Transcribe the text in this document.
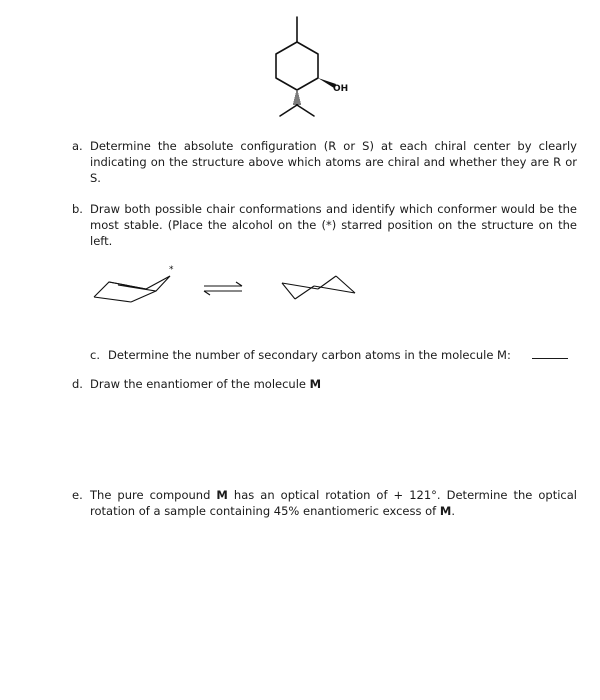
OH
a. Determine the absolute configuration (R or S) at each chiral center by clearly indicating on the structure above which atoms are chiral and whether they are R or S.
b. Draw both possible chair conformations and identify which conformer would be the most stable. (Place the alcohol on the (*) starred position on the structure on the left.
*
c. Determine the number of secondary carbon atoms in the molecule M:
d. Draw the enantiomer of the molecule M
e. The pure compound M has an optical rotation of + 121°. Determine the optical rotation of a sample containing 45% enantiomeric excess of M.
